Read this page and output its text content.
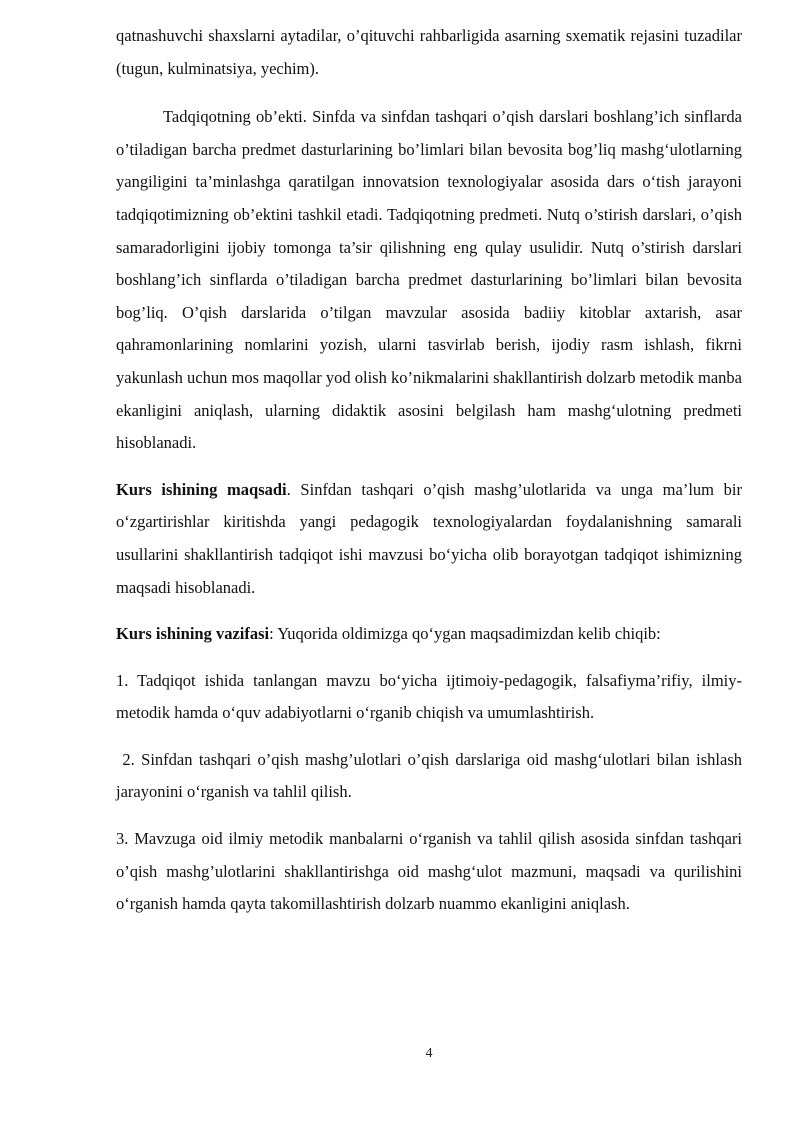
qatnashuvchi shaxslarni aytadilar, o’qituvchi rahbarligida asarning sxematik rejasini tuzadilar (tugun, kulminatsiya, yechim).

Tadqiqotning ob’ekti. Sinfda va sinfdan tashqari o’qish darslari boshlang’ich sinflarda o’tiladigan barcha predmet dasturlarining bo’limlari bilan bevosita bog’liq mashg‘ulotlarning yangiligini ta’minlashga qaratilgan innovatsion texnologiyalar asosida dars o‘tish jarayoni tadqiqotimizning ob’ektini tashkil etadi. Tadqiqotning predmeti. Nutq o’stirish darslari, o’qish samaradorligini ijobiy tomonga ta’sir qilishning eng qulay usulidir. Nutq o’stirish darslari boshlang’ich sinflarda o’tiladigan barcha predmet dasturlarining bo’limlari bilan bevosita bog’liq. O’qish darslarida o’tilgan mavzular asosida badiiy kitoblar axtarish, asar qahramonlarining nomlarini yozish, ularni tasvirlab berish, ijodiy rasm ishlash, fikrni yakunlash uchun mos maqollar yod olish ko’nikmalarini shakllantirish dolzarb metodik manba ekanligini aniqlash, ularning didaktik asosini belgilash ham mashg‘ulotning predmeti hisoblanadi.

Kurs ishining maqsadi. Sinfdan tashqari o’qish mashg’ulotlarida va unga ma’lum bir o‘zgartirishlar kiritishda yangi pedagogik texnologiyalardan foydalanishning samarali usullarini shakllantirish tadqiqot ishi mavzusi bo‘yicha olib borayotgan tadqiqot ishimizning maqsadi hisoblanadi.

Kurs ishining vazifasi: Yuqorida oldimizga qo‘ygan maqsadimizdan kelib chiqib:

1. Tadqiqot ishida tanlangan mavzu bo‘yicha ijtimoiy-pedagogik, falsafiyma’rifiy, ilmiy-metodik hamda o‘quv adabiyotlarni o‘rganib chiqish va umumlashtirish.

2. Sinfdan tashqari o’qish mashg’ulotlari o’qish darslariga oid mashg‘ulotlari bilan ishlash jarayonini o‘rganish va tahlil qilish.

3. Mavzuga oid ilmiy metodik manbalarni o‘rganish va tahlil qilish asosida sinfdan tashqari o’qish mashg’ulotlarini shakllantirishga oid mashg‘ulot mazmuni, maqsadi va qurilishini o‘rganish hamda qayta takomillashtirish dolzarb nuammo ekanligini aniqlash.

4
